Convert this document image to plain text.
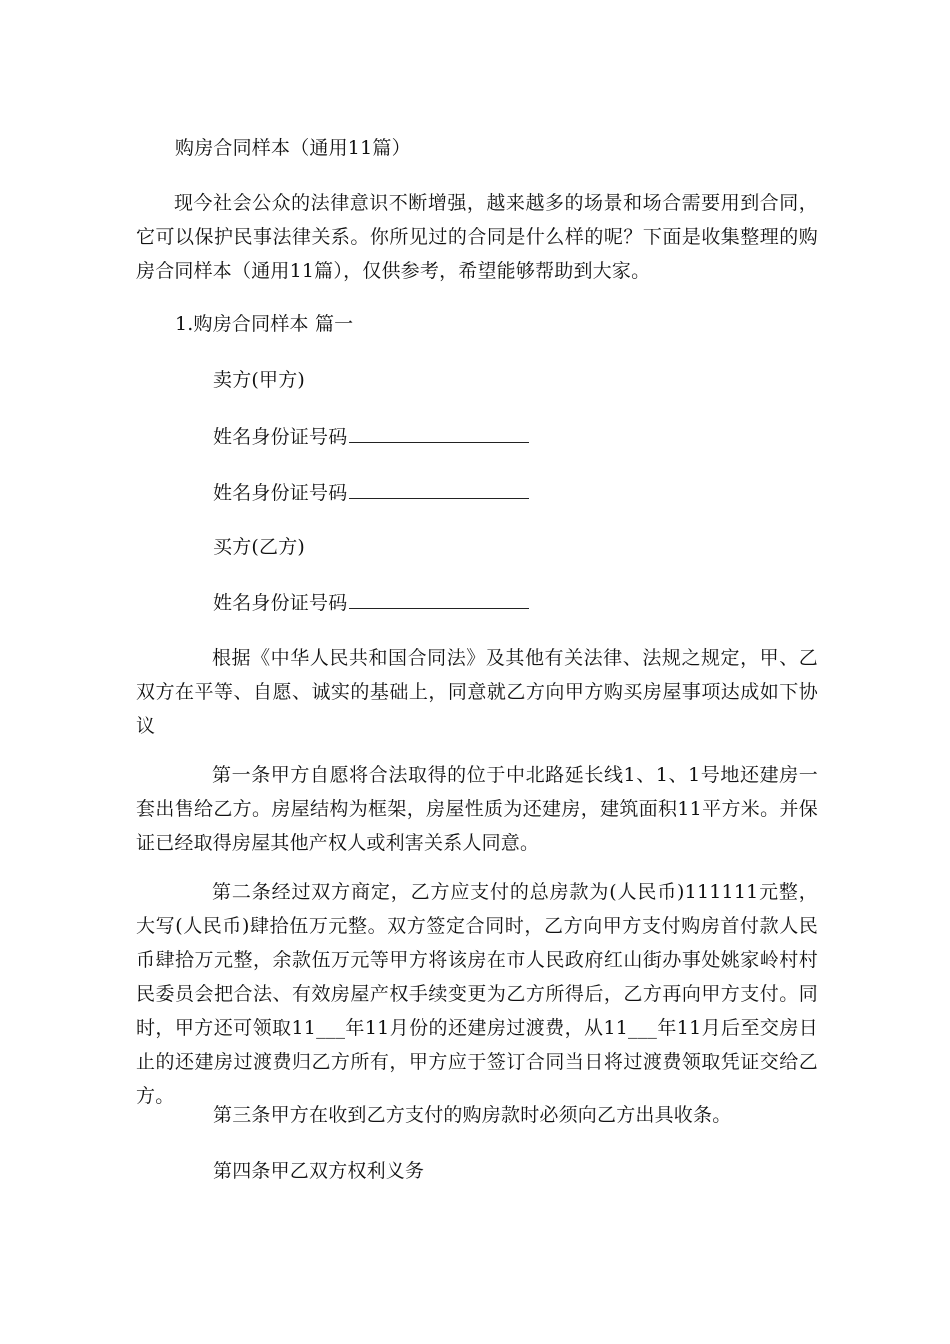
购房合同样本（通用11篇）
现今社会公众的法律意识不断增强，越来越多的场景和场合需要用到合同，它可以保护民事法律关系。你所见过的合同是什么样的呢？下面是收集整理的购房合同样本（通用11篇），仅供参考，希望能够帮助到大家。
1.购房合同样本 篇一
卖方(甲方)
姓名身份证号码
姓名身份证号码
买方(乙方)
姓名身份证号码
根据《中华人民共和国合同法》及其他有关法律、法规之规定，甲、乙双方在平等、自愿、诚实的基础上，同意就乙方向甲方购买房屋事项达成如下协议
第一条甲方自愿将合法取得的位于中北路延长线1、1、1号地还建房一套出售给乙方。房屋结构为框架，房屋性质为还建房，建筑面积11平方米。并保证已经取得房屋其他产权人或利害关系人同意。
第二条经过双方商定，乙方应支付的总房款为(人民币)111111元整，大写(人民币)肆拾伍万元整。双方签定合同时，乙方向甲方支付购房首付款人民币肆拾万元整，余款伍万元等甲方将该房在市人民政府红山街办事处姚家岭村村民委员会把合法、有效房屋产权手续变更为乙方所得后，乙方再向甲方支付。同时，甲方还可领取11___年11月份的还建房过渡费，从11___年11月后至交房日止的还建房过渡费归乙方所有，甲方应于签订合同当日将过渡费领取凭证交给乙方。
第三条甲方在收到乙方支付的购房款时必须向乙方出具收条。
第四条甲乙双方权利义务
